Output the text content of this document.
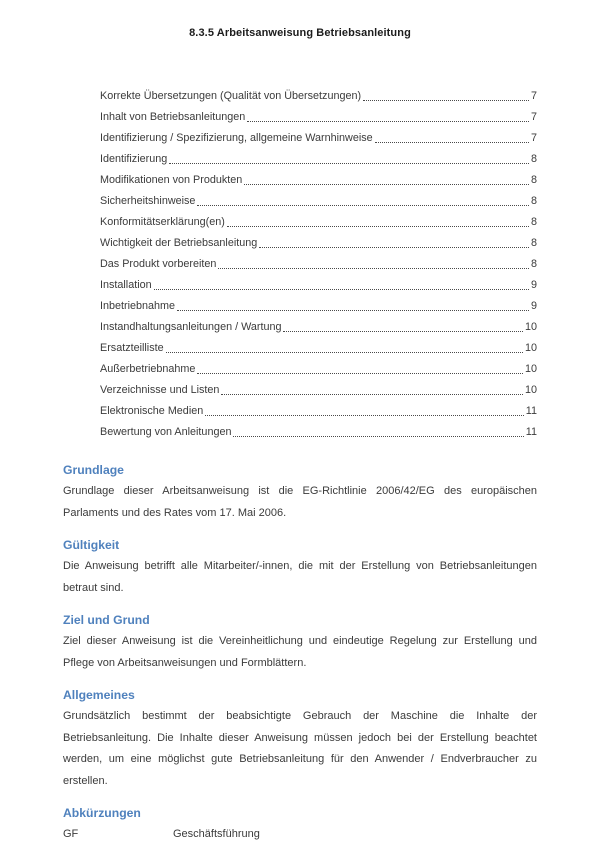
8.3.5 Arbeitsanweisung Betriebsanleitung
Korrekte Übersetzungen (Qualität von Übersetzungen)	7
Inhalt von Betriebsanleitungen	7
Identifizierung / Spezifizierung, allgemeine Warnhinweise	7
Identifizierung	8
Modifikationen von Produkten	8
Sicherheitshinweise	8
Konformitätserklärung(en)	8
Wichtigkeit der Betriebsanleitung	8
Das Produkt vorbereiten	8
Installation	9
Inbetriebnahme	9
Instandhaltungsanleitungen / Wartung	10
Ersatzteilliste	10
Außerbetriebnahme	10
Verzeichnisse und Listen	10
Elektronische Medien	11
Bewertung von Anleitungen	11
Grundlage

Grundlage dieser Arbeitsanweisung ist die EG-Richtlinie 2006/42/EG des europäischen Parlaments und des Rates vom 17. Mai 2006.

Gültigkeit

Die Anweisung betrifft alle Mitarbeiter/-innen, die mit der Erstellung von Betriebsanleitungen betraut sind.

Ziel und Grund

Ziel dieser Anweisung ist die Vereinheitlichung und eindeutige Regelung zur Erstellung und Pflege von Arbeitsanweisungen und Formblättern.

Allgemeines

Grundsätzlich bestimmt der beabsichtigte Gebrauch der Maschine die Inhalte der Betriebsanleitung. Die Inhalte dieser Anweisung müssen jedoch bei der Erstellung beachtet werden, um eine möglichst gute Betriebsanleitung für den Anwender / Endverbraucher zu erstellen.

Abkürzungen
GF	Geschäftsführung
